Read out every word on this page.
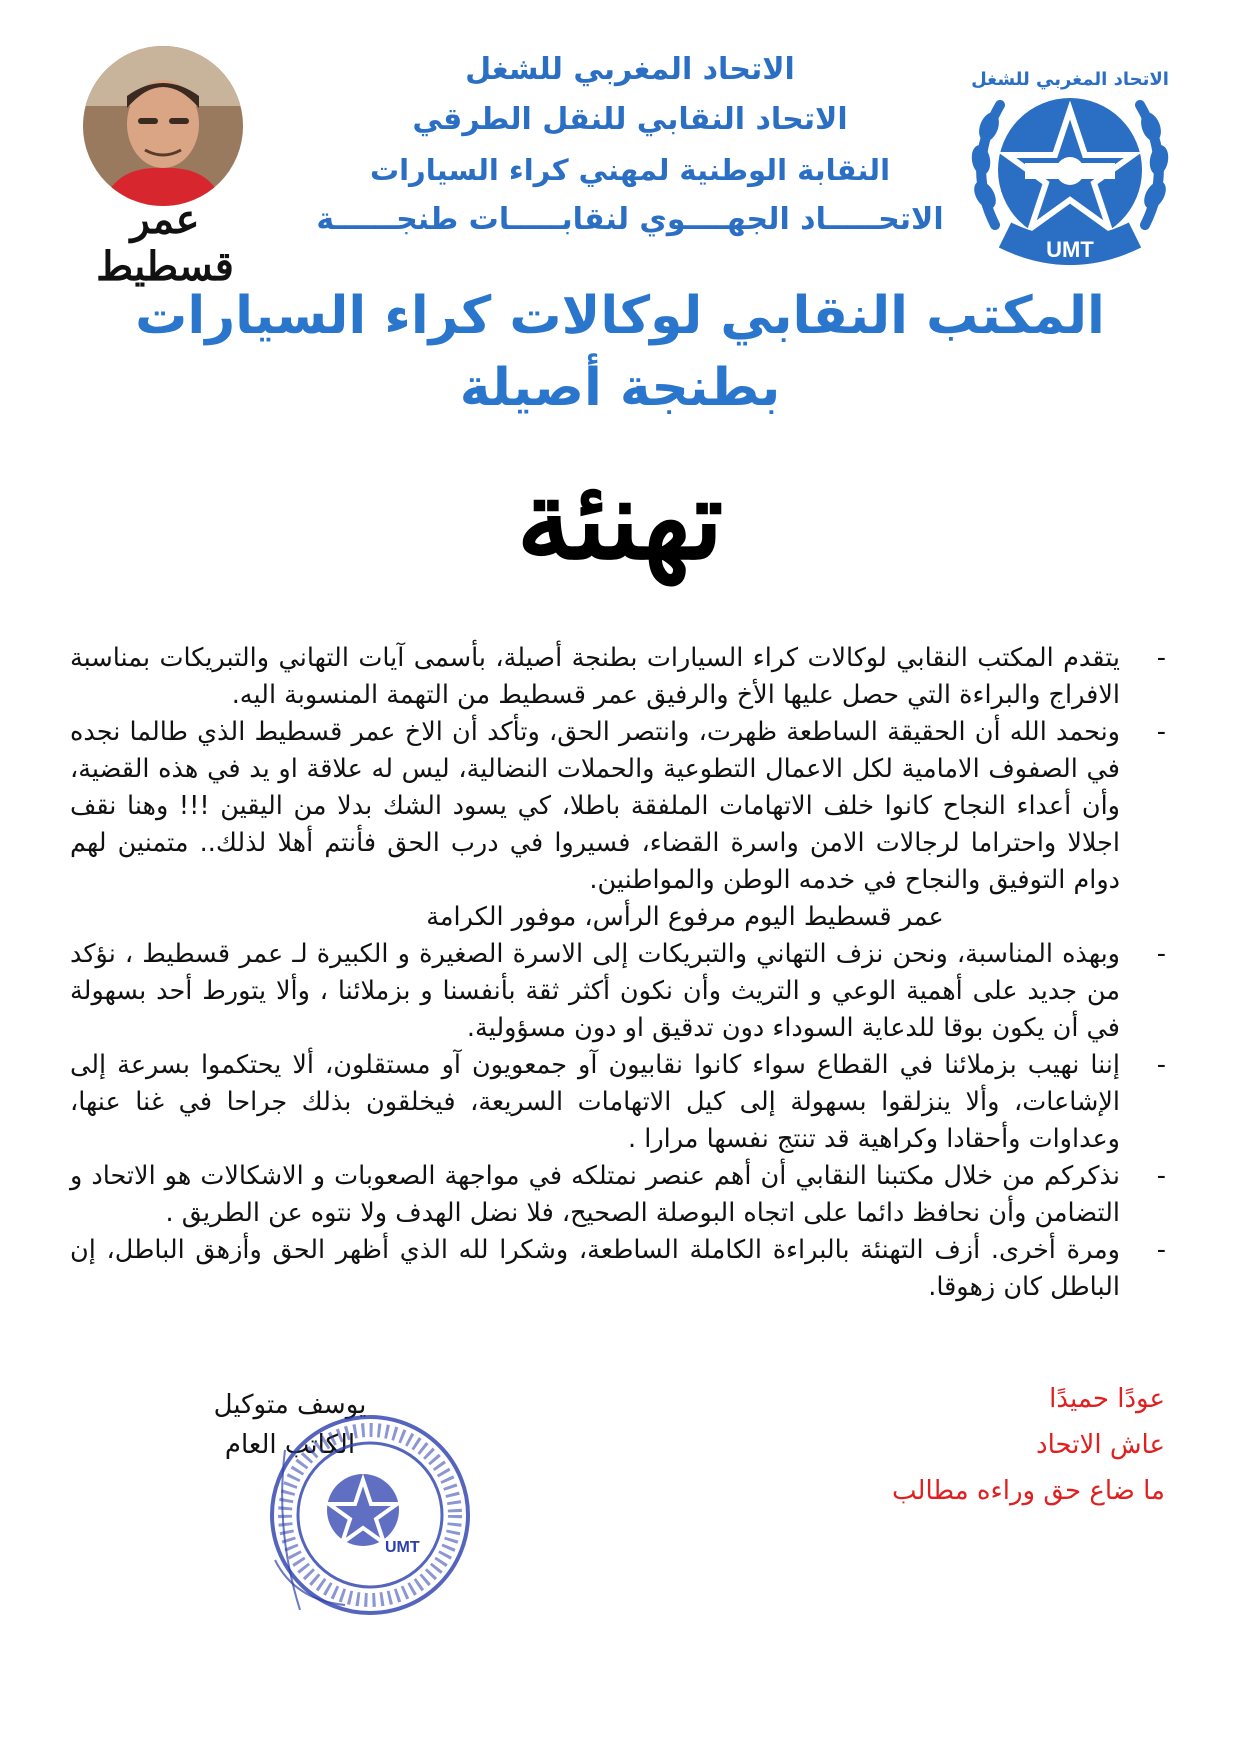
عمر قسطيط
الاتحاد المغربي للشغل
الاتحاد النقابي للنقل الطرقي
النقابة الوطنية لمهني كراء السيارات
الاتحـــــاد الجهــــوي لنقابـــــات طنجــــــة
UMT
الاتحاد المغربي للشغل
المكتب النقابي لوكالات كراء السيارات
بطنجة أصيلة
تهنئة

-
يتقدم المكتب النقابي لوكالات كراء السيارات بطنجة أصيلة، بأسمى آيات التهاني والتبريكات بمناسبة الافراج والبراءة التي حصل عليها الأخ والرفيق عمر قسطيط من التهمة المنسوبة اليه.

-
ونحمد الله أن الحقيقة الساطعة ظهرت، وانتصر الحق، وتأكد أن الاخ عمر قسطيط الذي طالما نجده في الصفوف الامامية لكل الاعمال التطوعية والحملات النضالية، ليس له علاقة او يد في هذه القضية، وأن أعداء النجاح كانوا خلف الاتهامات الملفقة باطلا، كي يسود الشك بدلا من اليقين !!! وهنا نقف اجلالا واحتراما لرجالات الامن واسرة القضاء، فسيروا في درب الحق فأنتم أهلا لذلك.. متمنين لهم دوام التوفيق والنجاح في خدمه الوطن والمواطنين.

عمر قسطيط اليوم مرفوع الرأس، موفور الكرامة

-
وبهذه المناسبة، ونحن نزف التهاني والتبريكات إلى الاسرة الصغيرة و الكبيرة لـ عمر قسطيط ، نؤكد من جديد على أهمية الوعي و التريث وأن نكون أكثر ثقة بأنفسنا و بزملائنا ، وألا يتورط أحد بسهولة في أن يكون بوقا للدعاية السوداء دون تدقيق او دون مسؤولية.

-
إننا نهيب بزملائنا في القطاع سواء كانوا نقابيون آو جمعويون آو مستقلون، ألا يحتكموا بسرعة إلى الإشاعات، وألا ينزلقوا بسهولة إلى كيل الاتهامات السريعة، فيخلقون بذلك جراحا في غنا عنها، وعداوات وأحقادا وكراهية قد تنتج نفسها مرارا .

-
نذكركم من خلال مكتبنا النقابي أن أهم عنصر نمتلكه في مواجهة الصعوبات و الاشكالات هو الاتحاد و التضامن وأن نحافظ دائما على اتجاه البوصلة الصحيح، فلا نضل الهدف ولا نتوه عن الطريق .

-
ومرة أخرى. أزف التهنئة بالبراءة الكاملة الساطعة، وشكرا لله الذي أظهر الحق وأزهق الباطل، إن الباطل كان زهوقا.

عودًا حميدًا
عاش الاتحاد
ما ضاع حق وراءه مطالب
يوسف متوكيل
الكاتب العام
UMT
